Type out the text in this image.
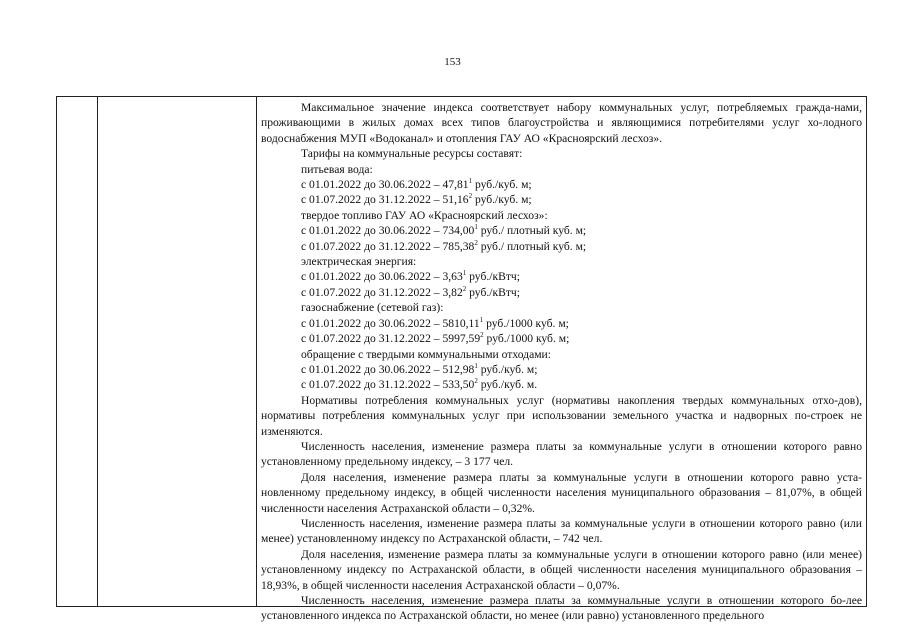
153

Максимальное значение индекса соответствует набору коммунальных услуг, потребляемых граждa-нами, проживающими в жилых домах всех типов благоустройства и являющимися потребителями услуг хо-лодного водоснабжения МУП «Водоканал» и отопления ГАУ АО «Красноярский лесхоз».

Тарифы на коммунальные ресурсы составят:

питьевая вода:

с 01.01.2022 до 30.06.2022 – 47,81$^1$ руб./куб. м;

с 01.07.2022 до 31.12.2022 – 51,16$^2$ руб./куб. м;

твердое топливо ГАУ АО «Красноярский лесхоз»:

с 01.01.2022 до 30.06.2022 – 734,00$^1$ руб./ плотный куб. м;

с 01.07.2022 до 31.12.2022 – 785,38$^2$ руб./ плотный куб. м;

электрическая энергия:

с 01.01.2022 до 30.06.2022 – 3,63$^1$ руб./кВтч;

с 01.07.2022 до 31.12.2022 – 3,82$^2$ руб./кВтч;

газоснабжение (сетевой газ):

с 01.01.2022 до 30.06.2022 – 5810,11$^1$ руб./1000 куб. м;

с 01.07.2022 до 31.12.2022 – 5997,59$^2$ руб./1000 куб. м;

обращение с твердыми коммунальными отходами:

с 01.01.2022 до 30.06.2022 – 512,98$^1$ руб./куб. м;

с 01.07.2022 до 31.12.2022 – 533,50$^2$ руб./куб. м.

Нормативы потребления коммунальных услуг (нормативы накопления твердых коммунальных отхо-дов), нормативы потребления коммунальных услуг при использовании земельного участка и надворных по-строек не изменяются.

Численность населения, изменение размера платы за коммунальные услуги в отношении которого равно установленному предельному индексу, – 3 177 чел.

Доля населения, изменение размера платы за коммунальные услуги в отношении которого равно уста-новленному предельному индексу, в общей численности населения муниципального образования – 81,07%, в общей численности населения Астраханской области – 0,32%.

Численность населения, изменение размера платы за коммунальные услуги в отношении которого равно (или менее) установленному индексу по Астраханской области, – 742 чел.

Доля населения, изменение размера платы за коммунальные услуги в отношении которого равно (или менее) установленному индексу по Астраханской области, в общей численности населения муниципального образования – 18,93%, в общей численности населения Астраханской области – 0,07%.

Численность населения, изменение размера платы за коммунальные услуги в отношении которого бо-лее установленного индекса по Астраханской области, но менее (или равно) установленного предельного
